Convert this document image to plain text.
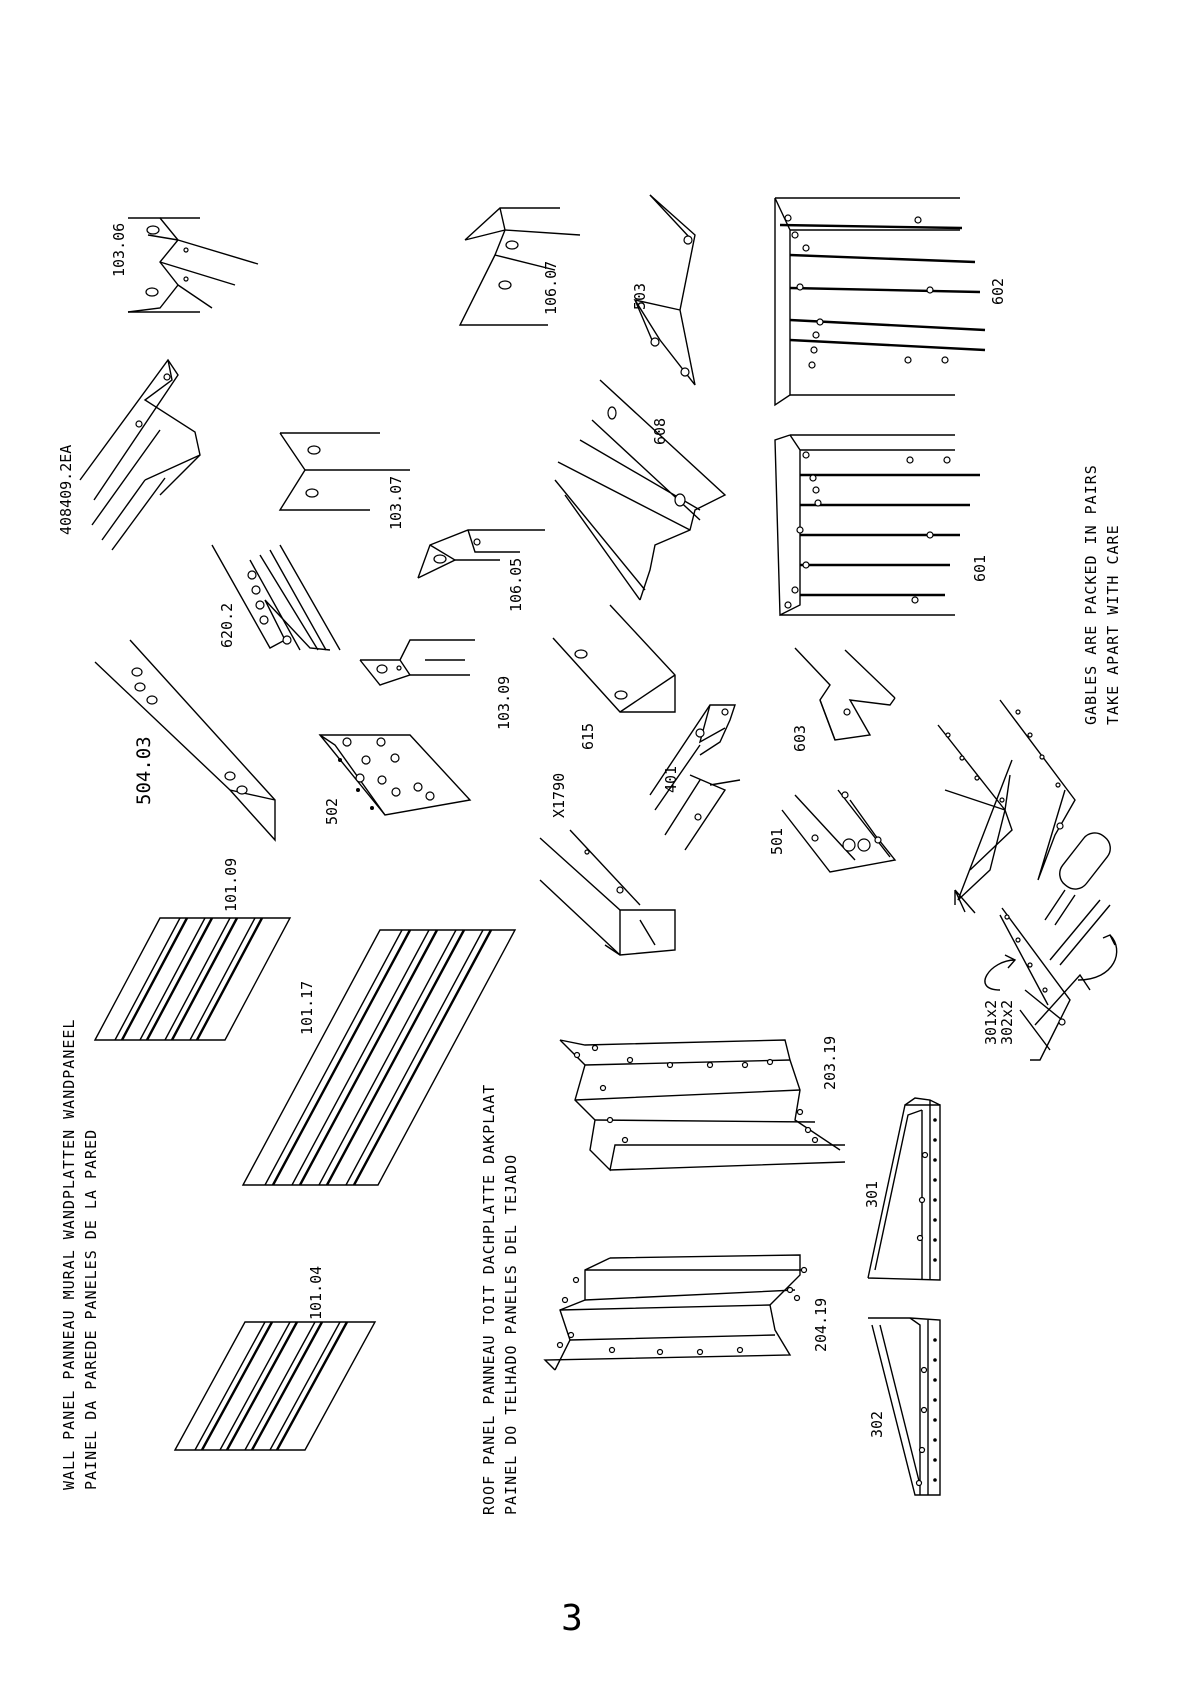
101.09
101.17
101.04
WALL PANEL PANNEAU MURAL WANDPLATTEN WANDPANEEL PAINEL DA PAREDE PANELES DE LA PARED	ROOF PANEL PANNEAU TOIT DACHPLATTE DAKPLAAT PAINEL DO TELHADO PANELES DEL TEJADO
103.06
408409.2EA	103.07
620.2
504.03
106.05
103.09
502
106.07	503
608
615
401
X1790
602
601
603
501
301x2
302x2
GABLES ARE PACKED IN PAIRS TAKE APART WITH CARE
203.19
204.19
301
302
3
